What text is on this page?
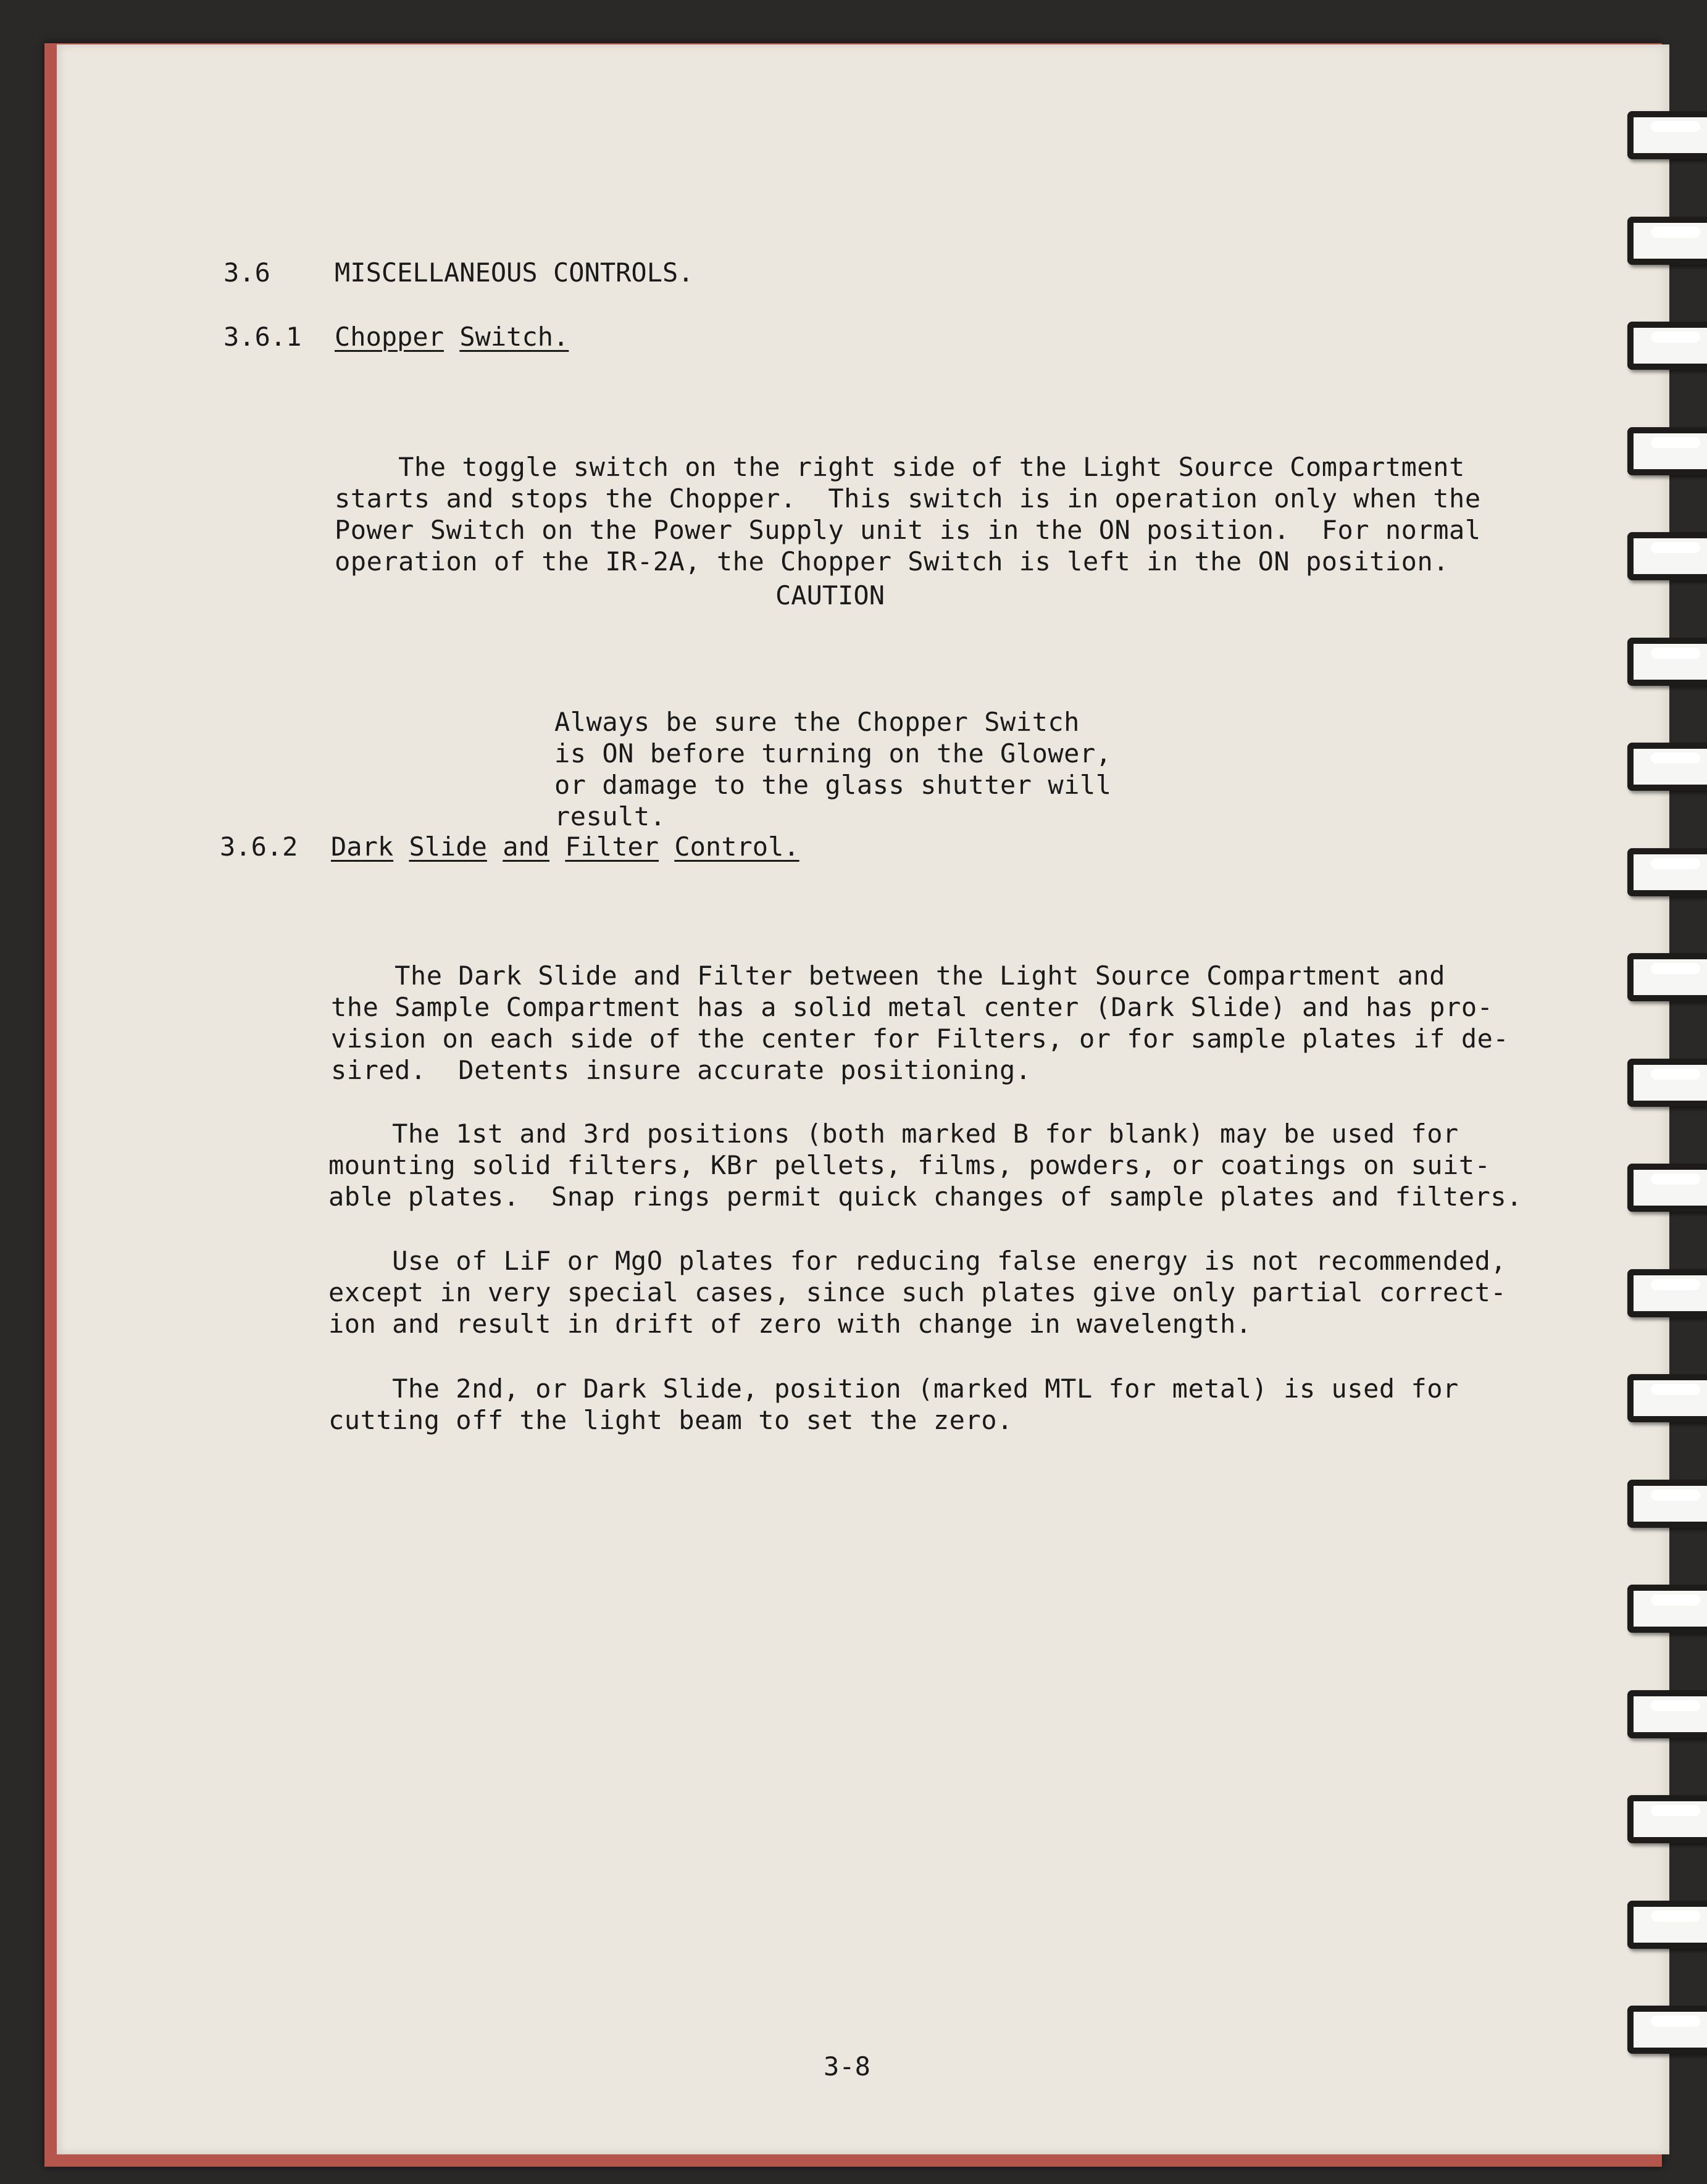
3.6 MISCELLANEOUS CONTROLS.
3.6.1 Chopper Switch.

The toggle switch on the right side of the Light Source Compartment
starts and stops the Chopper.  This switch is in operation only when the
Power Switch on the Power Supply unit is in the ON position.  For normal
operation of the IR-2A, the Chopper Switch is left in the ON position.

CAUTION

Always be sure the Chopper Switch
is ON before turning on the Glower,
or damage to the glass shutter will
result.

3.6.2 Dark Slide and Filter Control.

The Dark Slide and Filter between the Light Source Compartment and
the Sample Compartment has a solid metal center (Dark Slide) and has pro-
vision on each side of the center for Filters, or for sample plates if de-
sired.  Detents insure accurate positioning.

The 1st and 3rd positions (both marked B for blank) may be used for
mounting solid filters, KBr pellets, films, powders, or coatings on suit-
able plates.  Snap rings permit quick changes of sample plates and filters.

Use of LiF or MgO plates for reducing false energy is not recommended,
except in very special cases, since such plates give only partial correct-
ion and result in drift of zero with change in wavelength.

The 2nd, or Dark Slide, position (marked MTL for metal) is used for
cutting off the light beam to set the zero.

3-8
